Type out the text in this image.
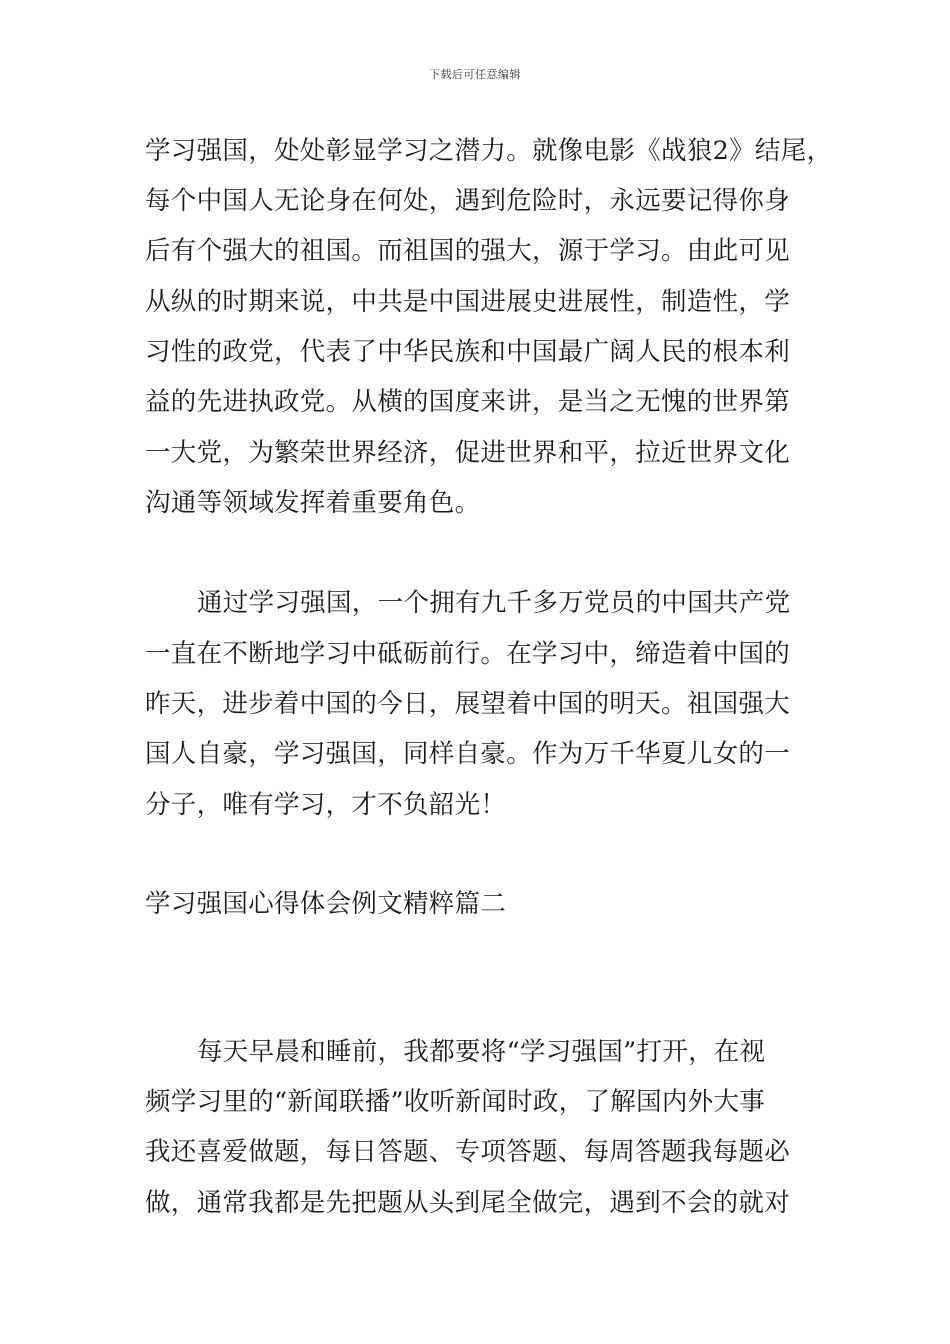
下载后可任意编辑
学习强国，处处彰显学习之潜力。就像电影《战狼2》结尾，
每个中国人无论身在何处，遇到危险时，永远要记得你身
后有个强大的祖国。而祖国的强大，源于学习。由此可见
从纵的时期来说，中共是中国进展史进展性，制造性，学
习性的政党，代表了中华民族和中国最广阔人民的根本利
益的先进执政党。从横的国度来讲，是当之无愧的世界第
一大党，为繁荣世界经济，促进世界和平，拉近世界文化
沟通等领域发挥着重要角色。
通过学习强国，一个拥有九千多万党员的中国共产党
一直在不断地学习中砥砺前行。在学习中，缔造着中国的
昨天，进步着中国的今日，展望着中国的明天。祖国强大
国人自豪，学习强国，同样自豪。作为万千华夏儿女的一
分子，唯有学习，才不负韶光！
学习强国心得体会例文精粹篇二
每天早晨和睡前，我都要将“学习强国”打开，在视
频学习里的“新闻联播”收听新闻时政，了解国内外大事
我还喜爱做题，每日答题、专项答题、每周答题我每题必
做，通常我都是先把题从头到尾全做完，遇到不会的就对
